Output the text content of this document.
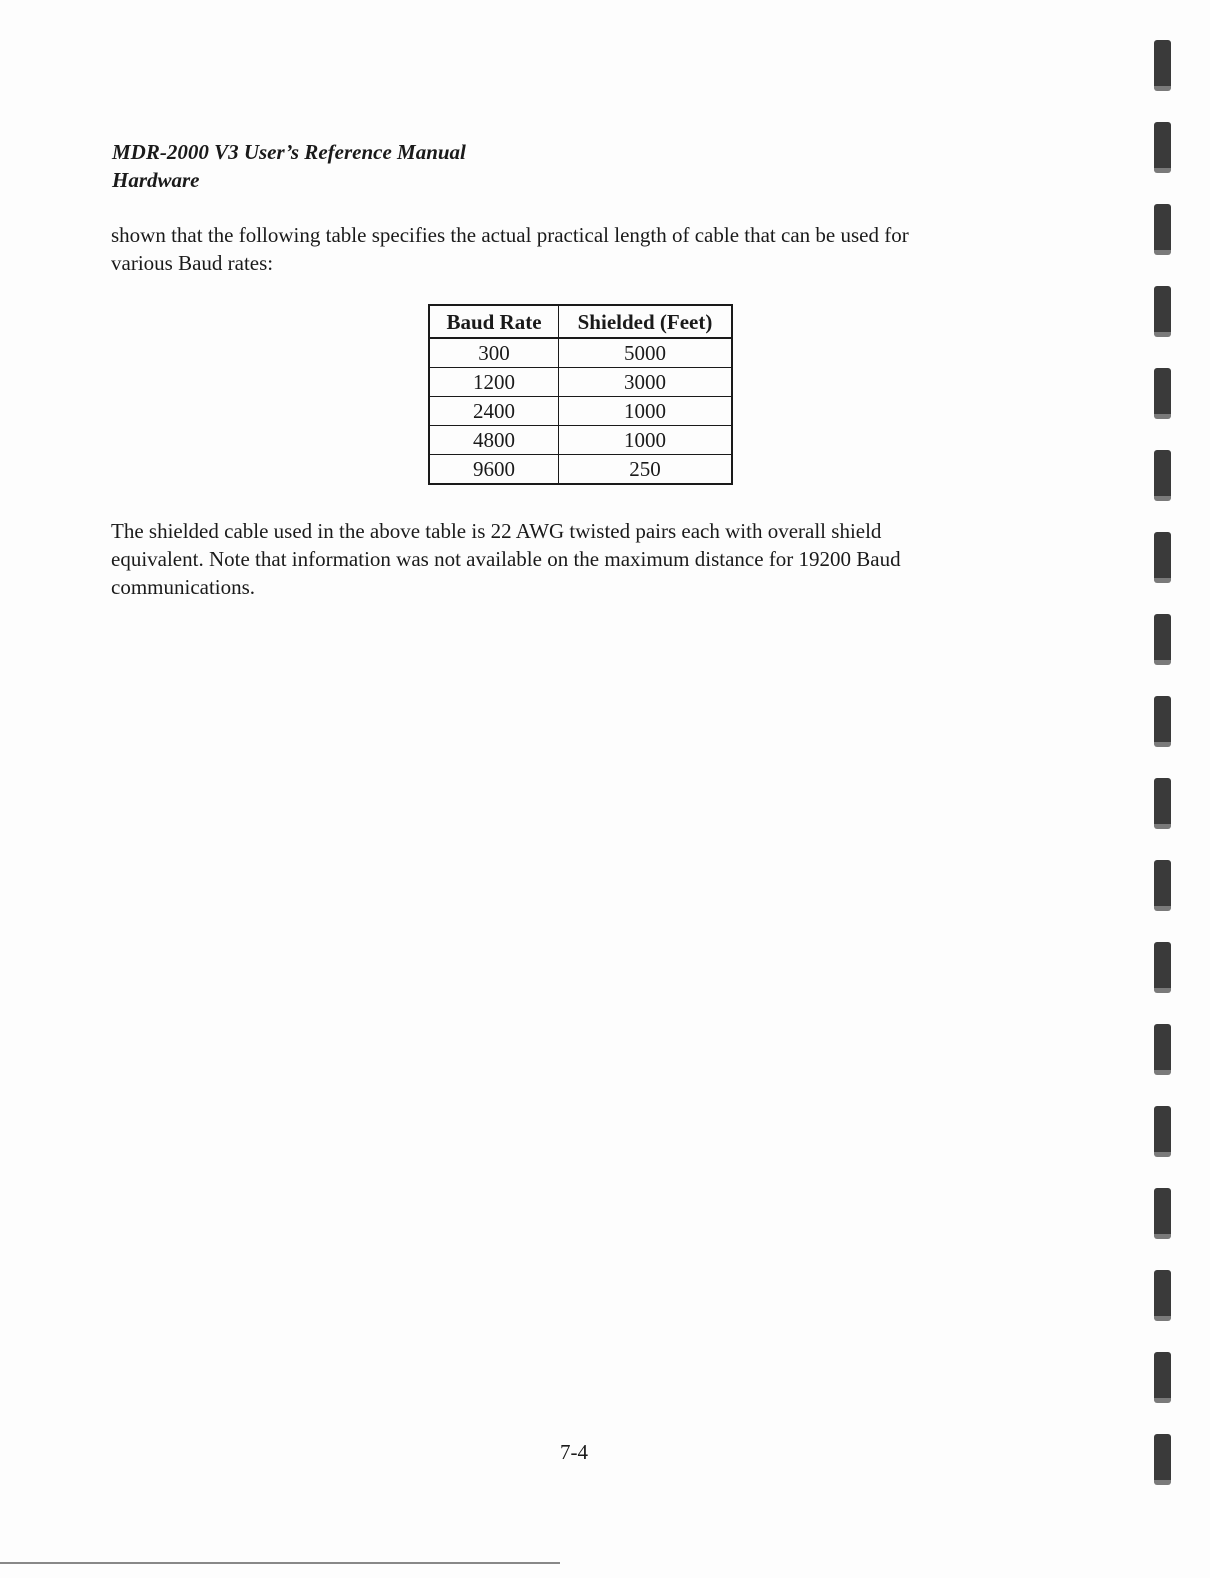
MDR-2000 V3 User’s Reference Manual
Hardware
shown that the following table specifies the actual practical length of cable that can be used for
various Baud rates:
Baud Rate	Shielded (Feet)
300	5000
1200	3000
2400	1000
4800	1000
9600	250
The shielded cable used in the above table is 22 AWG twisted pairs each with overall shield
equivalent. Note that information was not available on the maximum distance for 19200 Baud
communications.
7-4
